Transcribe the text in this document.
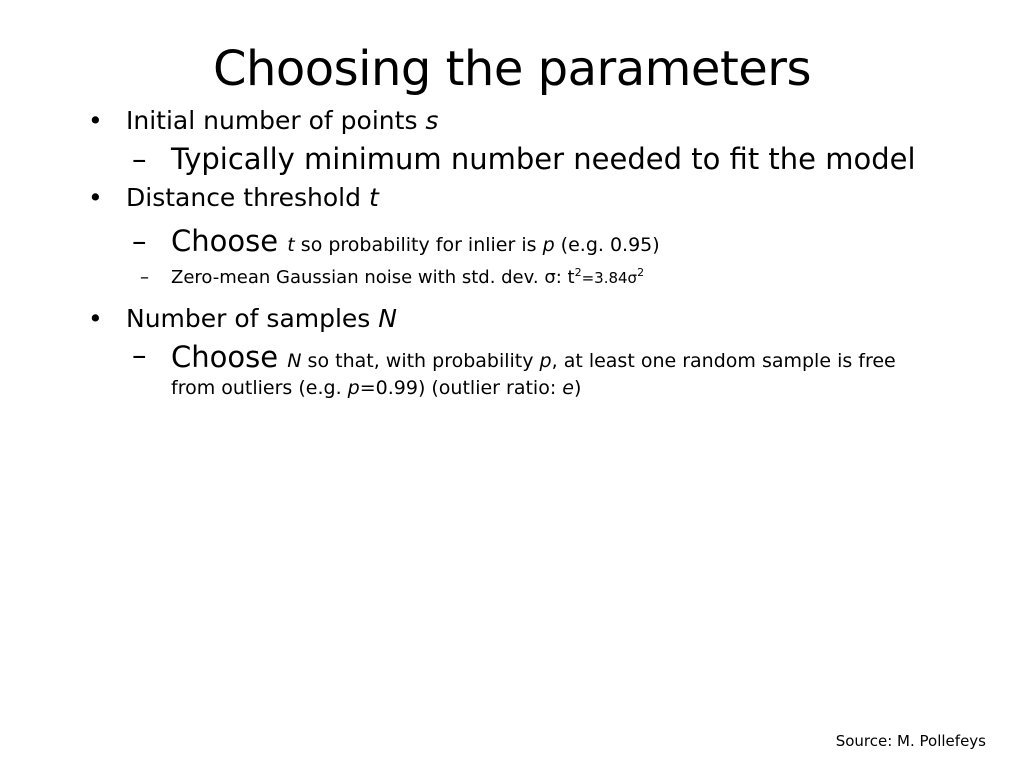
Choosing the parameters
• Initial number of points s
– Typically minimum number needed to fit the model
• Distance threshold t
– Choose t so probability for inlier is p (e.g. 0.95)
– Zero-mean Gaussian noise with std. dev. σ: $t^2=3.84\sigma^2$
• Number of samples N
– Choose N so that, with probability p, at least one random sample is free from outliers (e.g. p=0.99) (outlier ratio: e)
Source: M. Pollefeys
